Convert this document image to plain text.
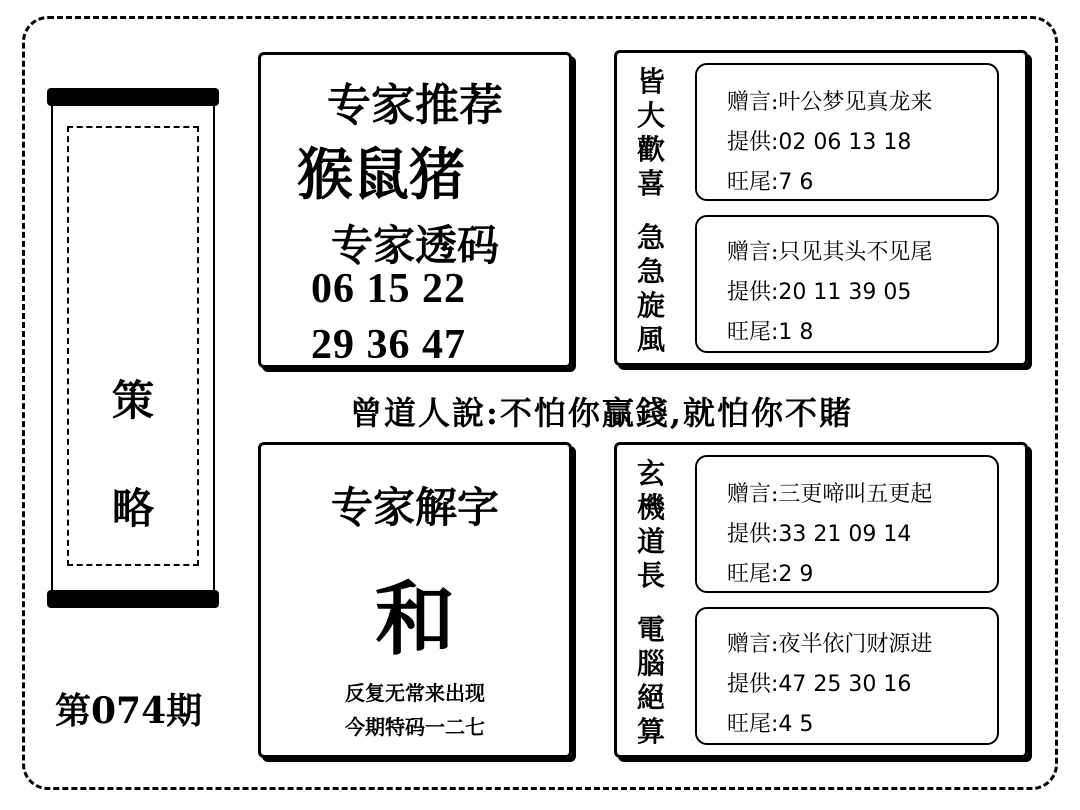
策
略
第074期
专家推荐
猴鼠猪
专家透码
06 15 22
29 36 47
曾道人說:不怕你贏錢,就怕你不賭
专家解字
和
反复无常来出现
今期特码一二七
皆
大
歡
喜
急
急
旋
風
赠言:叶公梦见真龙来
提供:02 06 13 18
旺尾:7 6
赠言:只见其头不见尾
提供:20 11 39 05
旺尾:1 8
玄
機
道
長
電
腦
絕
算
赠言:三更啼叫五更起
提供:33 21 09 14
旺尾:2 9
赠言:夜半依门财源进
提供:47 25 30 16
旺尾:4 5
